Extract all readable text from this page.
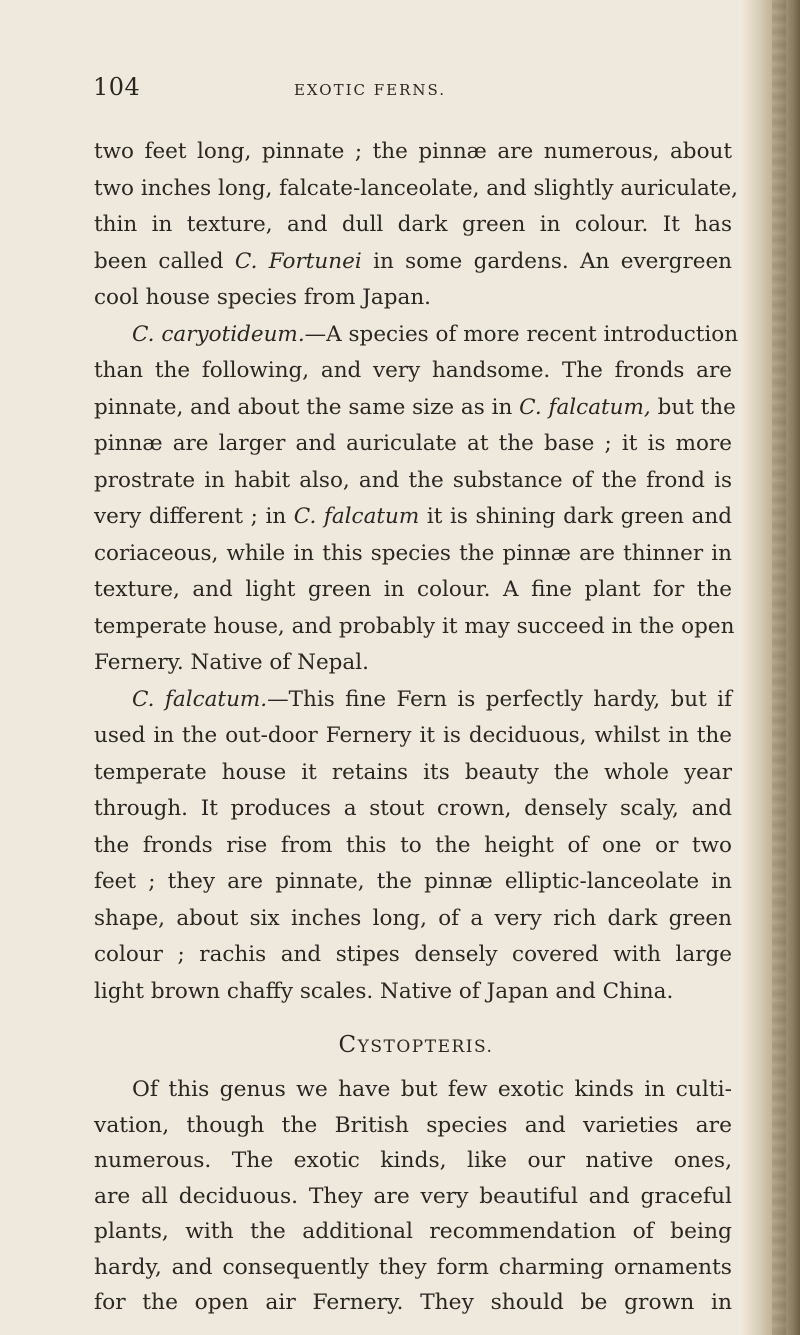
104	EXOTIC FERNS.
two feet long, pinnate ; the pinnæ are numerous, about
two inches long, falcate-lanceolate, and slightly auriculate,
thin in texture, and dull dark green in colour. It has
been called C. Fortunei in some gardens. An evergreen
cool house species from Japan.
C. caryotideum.—A species of more recent introduction
than the following, and very handsome. The fronds are
pinnate, and about the same size as in C. falcatum, but the
pinnæ are larger and auriculate at the base ; it is more
prostrate in habit also, and the substance of the frond is
very different ; in C. falcatum it is shining dark green and
coriaceous, while in this species the pinnæ are thinner in
texture, and light green in colour. A fine plant for the
temperate house, and probably it may succeed in the open
Fernery. Native of Nepal.
C. falcatum.—This fine Fern is perfectly hardy, but if
used in the out-door Fernery it is deciduous, whilst in the
temperate house it retains its beauty the whole year
through. It produces a stout crown, densely scaly, and
the fronds rise from this to the height of one or two
feet ; they are pinnate, the pinnæ elliptic-lanceolate in
shape, about six inches long, of a very rich dark green
colour ; rachis and stipes densely covered with large
light brown chaffy scales. Native of Japan and China.
CYSTOPTERIS.
Of this genus we have but few exotic kinds in culti-
vation, though the British species and varieties are
numerous. The exotic kinds, like our native ones,
are all deciduous. They are very beautiful and graceful
plants, with the additional recommendation of being
hardy, and consequently they form charming ornaments
for the open air Fernery. They should be grown in
